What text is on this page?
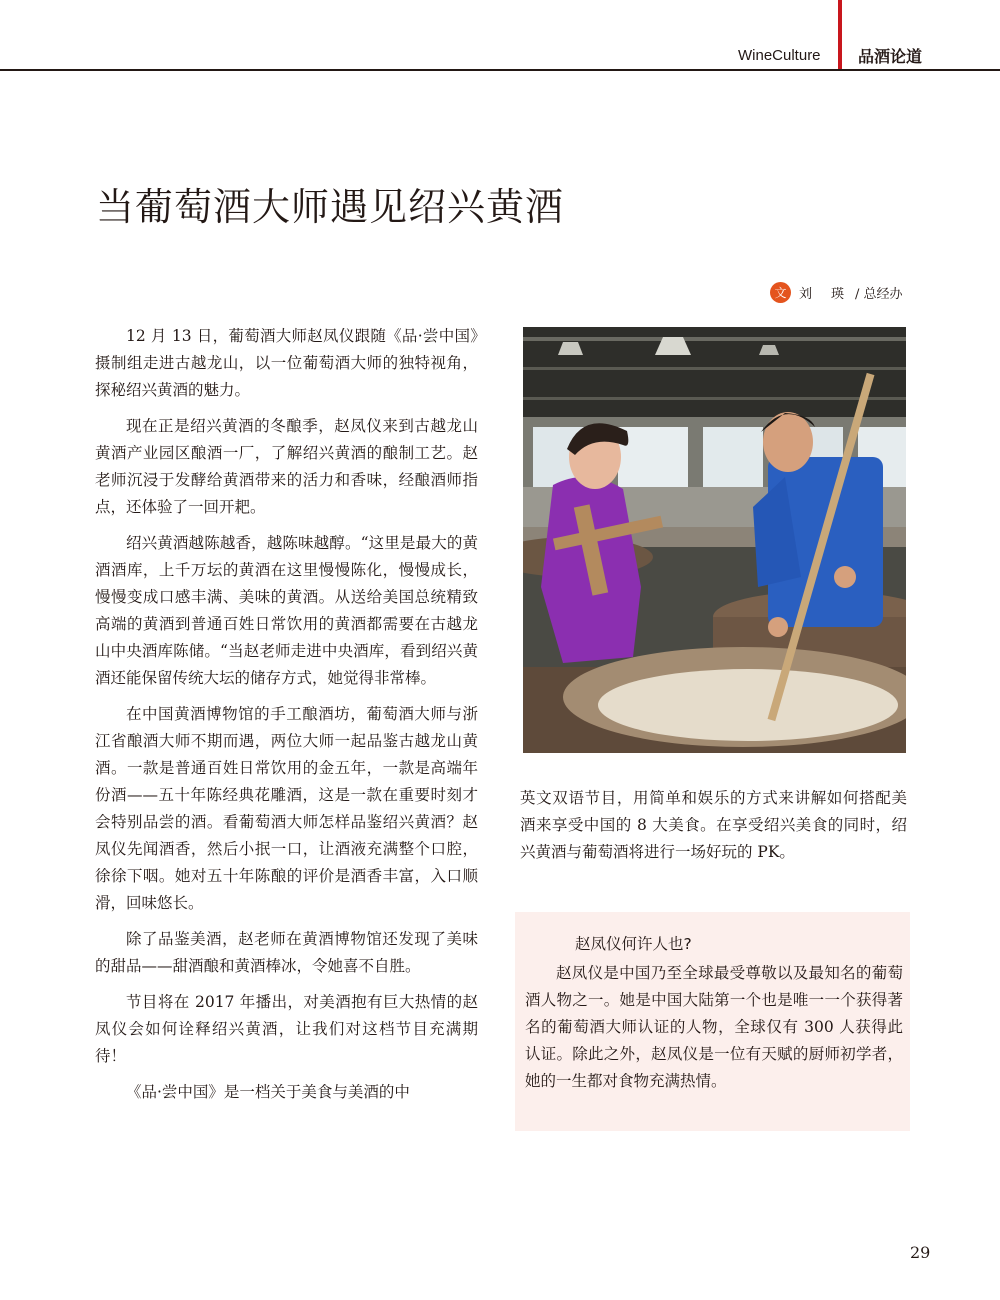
WineCulture 品酒论道
当葡萄酒大师遇见绍兴黄酒
文 刘　瑛 / 总经办

12 月 13 日，葡萄酒大师赵凤仪跟随《品·尝中国》摄制组走进古越龙山，以一位葡萄酒大师的独特视角，探秘绍兴黄酒的魅力。

现在正是绍兴黄酒的冬酿季，赵凤仪来到古越龙山黄酒产业园区酿酒一厂，了解绍兴黄酒的酿制工艺。赵老师沉浸于发酵给黄酒带来的活力和香味，经酿酒师指点，还体验了一回开耙。

绍兴黄酒越陈越香，越陈味越醇。“这里是最大的黄酒酒库，上千万坛的黄酒在这里慢慢陈化，慢慢成长，慢慢变成口感丰满、美味的黄酒。从送给美国总统精致高端的黄酒到普通百姓日常饮用的黄酒都需要在古越龙山中央酒库陈储。“当赵老师走进中央酒库，看到绍兴黄酒还能保留传统大坛的储存方式，她觉得非常棒。

在中国黄酒博物馆的手工酿酒坊，葡萄酒大师与浙江省酿酒大师不期而遇，两位大师一起品鉴古越龙山黄酒。一款是普通百姓日常饮用的金五年，一款是高端年份酒——五十年陈经典花雕酒，这是一款在重要时刻才会特别品尝的酒。看葡萄酒大师怎样品鉴绍兴黄酒？赵凤仪先闻酒香，然后小抿一口，让酒液充满整个口腔，徐徐下咽。她对五十年陈酿的评价是酒香丰富，入口顺滑，回味悠长。

除了品鉴美酒，赵老师在黄酒博物馆还发现了美味的甜品——甜酒酿和黄酒棒冰，令她喜不自胜。

节目将在 2017 年播出，对美酒抱有巨大热情的赵凤仪会如何诠释绍兴黄酒，让我们对这档节目充满期待！

《品·尝中国》是一档关于美食与美酒的中

英文双语节目，用简单和娱乐的方式来讲解如何搭配美酒来享受中国的 8 大美食。在享受绍兴美食的同时，绍兴黄酒与葡萄酒将进行一场好玩的 PK。

赵凤仪何许人也?

赵凤仪是中国乃至全球最受尊敬以及最知名的葡萄酒人物之一。她是中国大陆第一个也是唯一一个获得著名的葡萄酒大师认证的人物，全球仅有 300 人获得此认证。除此之外，赵凤仪是一位有天赋的厨师初学者，她的一生都对食物充满热情。

29
